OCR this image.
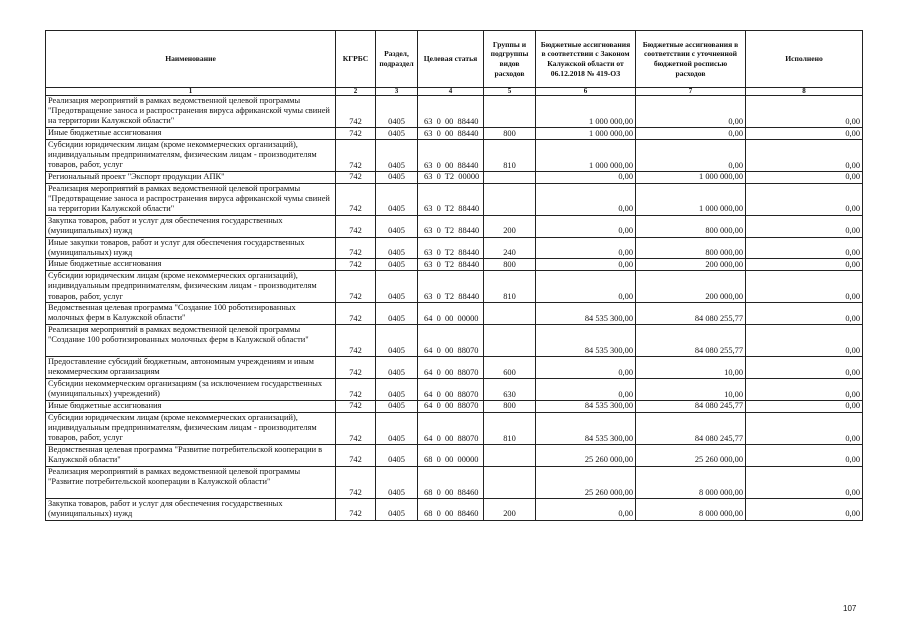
Наименование	КГРБС	Раздел, подраздел	Целевая статья	Группы и подгруппы видов расходов	Бюджетные ассигнования в соответствии с Законом Калужской области от 06.12.2018 № 419-ОЗ	Бюджетные ассигнования в соответствии с уточненной бюджетной росписью расходов	Исполнено
1	2	3	4	5	6	7	8
Реализация мероприятий в рамках ведомственной целевой программы "Предотвращение заноса и распространения вируса африканской чумы свиней на территории Калужской области"	742	0405	63  0  00  88440		1 000 000,00	0,00	0,00
Иные бюджетные ассигнования	742	0405	63  0  00  88440	800	1 000 000,00	0,00	0,00
Субсидии юридическим лицам (кроме некоммерческих организаций), индивидуальным предпринимателям, физическим лицам - производителям товаров, работ, услуг	742	0405	63  0  00  88440	810	1 000 000,00	0,00	0,00
Региональный проект "Экспорт продукции АПК"	742	0405	63  0  T2  00000		0,00	1 000 000,00	0,00
Реализация мероприятий в рамках ведомственной целевой программы "Предотвращение заноса и распространения вируса африканской чумы свиней на территории Калужской области"	742	0405	63  0  T2  88440		0,00	1 000 000,00	0,00
Закупка товаров, работ и услуг для обеспечения государственных (муниципальных) нужд	742	0405	63  0  T2  88440	200	0,00	800 000,00	0,00
Иные закупки товаров, работ и услуг для обеспечения государственных (муниципальных) нужд	742	0405	63  0  T2  88440	240	0,00	800 000,00	0,00
Иные бюджетные ассигнования	742	0405	63  0  T2  88440	800	0,00	200 000,00	0,00
Субсидии юридическим лицам (кроме некоммерческих организаций), индивидуальным предпринимателям, физическим лицам - производителям товаров, работ, услуг	742	0405	63  0  T2  88440	810	0,00	200 000,00	0,00
Ведомственная целевая программа "Создание 100 роботизированных молочных ферм в Калужской области"	742	0405	64  0  00  00000		84 535 300,00	84 080 255,77	0,00
Реализация мероприятий в рамках ведомственной целевой программы "Создание 100 роботизированных молочных ферм в Калужской области"	742	0405	64  0  00  88070		84 535 300,00	84 080 255,77	0,00
Предоставление субсидий бюджетным, автономным учреждениям и иным некоммерческим организациям	742	0405	64  0  00  88070	600	0,00	10,00	0,00
Субсидии некоммерческим организациям (за исключением государственных (муниципальных) учреждений)	742	0405	64  0  00  88070	630	0,00	10,00	0,00
Иные бюджетные ассигнования	742	0405	64  0  00  88070	800	84 535 300,00	84 080 245,77	0,00
Субсидии юридическим лицам (кроме некоммерческих организаций), индивидуальным предпринимателям, физическим лицам - производителям товаров, работ, услуг	742	0405	64  0  00  88070	810	84 535 300,00	84 080 245,77	0,00
Ведомственная целевая программа "Развитие потребительской кооперации в Калужской области"	742	0405	68  0  00  00000		25 260 000,00	25 260 000,00	0,00
Реализация мероприятий в рамках ведомственной целевой программы "Развитие потребительской кооперации в Калужской области"	742	0405	68  0  00  88460		25 260 000,00	8 000 000,00	0,00
Закупка товаров, работ и услуг для обеспечения государственных (муниципальных) нужд	742	0405	68  0  00  88460	200	0,00	8 000 000,00	0,00
107
